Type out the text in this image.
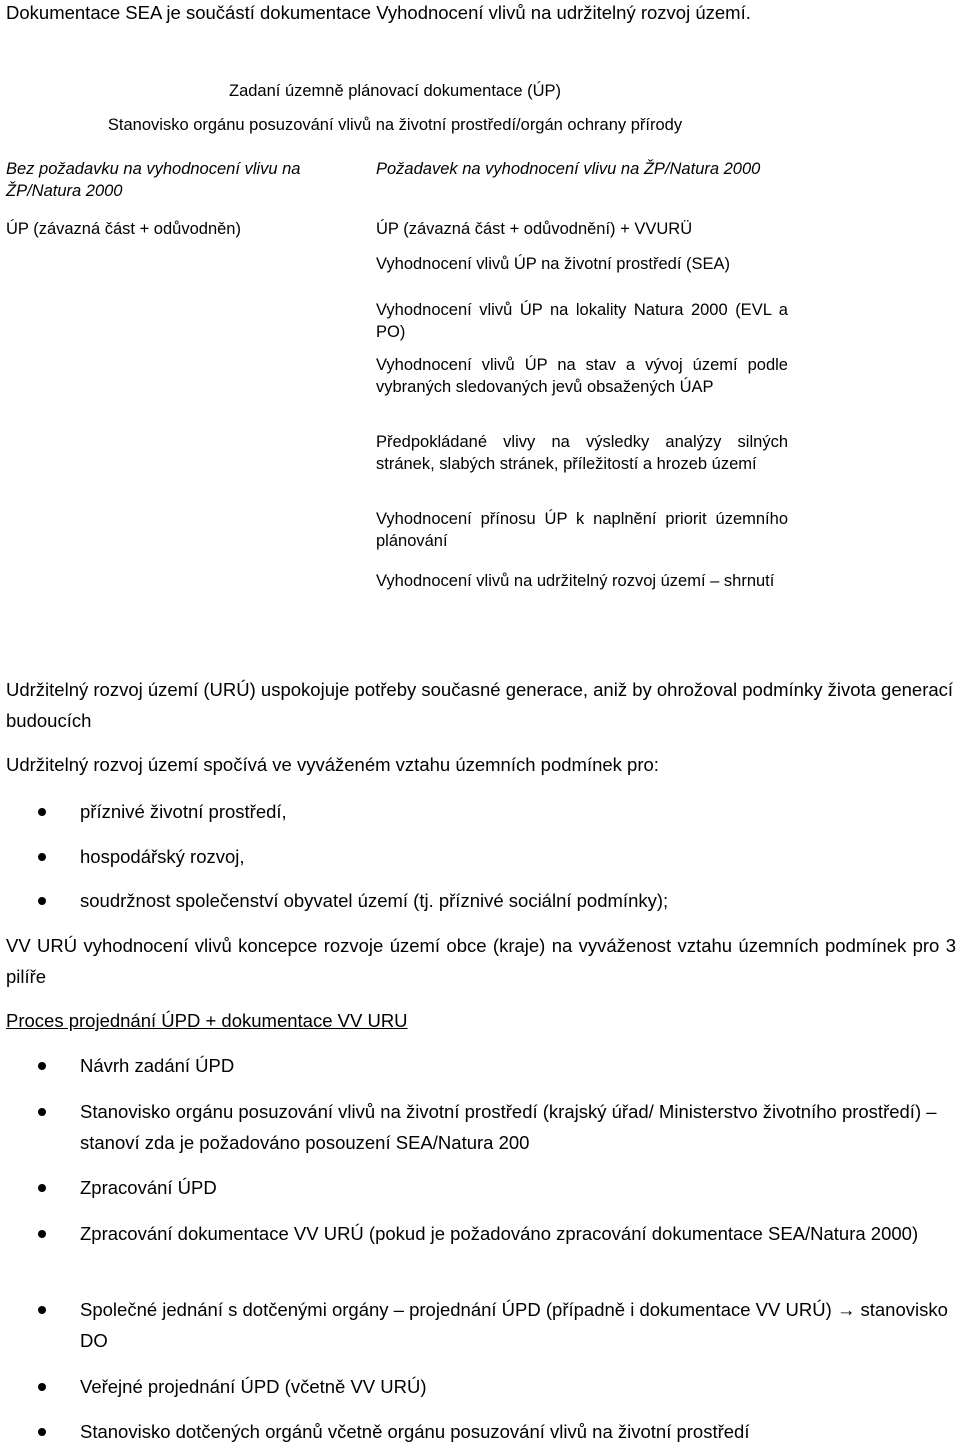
Dokumentace SEA je součástí dokumentace Vyhodnocení vlivů na udržitelný rozvoj území.
Zadaní územně plánovací dokumentace (ÚP)
Stanovisko orgánu posuzování vlivů na životní prostředí/orgán ochrany přírody
Bez požadavku na vyhodnocení vlivu na ŽP/Natura 2000
Požadavek na vyhodnocení vlivu na ŽP/Natura 2000
ÚP (závazná část + odůvodněn)	ÚP (závazná část + odůvodnění) + VVURÜ
Vyhodnocení vlivů ÚP na životní prostředí (SEA)
Vyhodnocení vlivů ÚP na lokality Natura 2000 (EVL a PO)
Vyhodnocení vlivů ÚP na stav a vývoj území podle vybraných sledovaných jevů obsažených ÚAP
Předpokládané vlivy na výsledky analýzy silných stránek, slabých stránek, příležitostí a hrozeb území
Vyhodnocení přínosu ÚP k naplnění priorit územního plánování
Vyhodnocení vlivů na udržitelný rozvoj území – shrnutí
Udržitelný rozvoj území (URÚ) uspokojuje potřeby současné generace, aniž by ohrožoval podmínky života generací budoucích
Udržitelný rozvoj území spočívá ve vyváženém vztahu územních podmínek pro:
příznivé životní prostředí,
hospodářský rozvoj,
soudržnost společenství obyvatel území (tj. příznivé sociální podmínky);
VV URÚ vyhodnocení vlivů koncepce rozvoje území obce (kraje) na vyváženost vztahu územních podmínek pro 3 pilíře
Proces projednání ÚPD + dokumentace VV URU
Návrh zadání ÚPD
Stanovisko orgánu posuzování vlivů na životní prostředí (krajský úřad/ Ministerstvo životního prostředí) – stanoví zda je požadováno posouzení SEA/Natura 200
Zpracování ÚPD
Zpracování dokumentace VV URÚ (pokud je požadováno zpracování dokumentace SEA/Natura 2000)
Společné jednání s dotčenými orgány – projednání ÚPD (případně i dokumentace VV URÚ) → stanovisko DO
Veřejné projednání ÚPD (včetně VV URÚ)
Stanovisko dotčených orgánů včetně orgánu posuzování vlivů na životní prostředí
